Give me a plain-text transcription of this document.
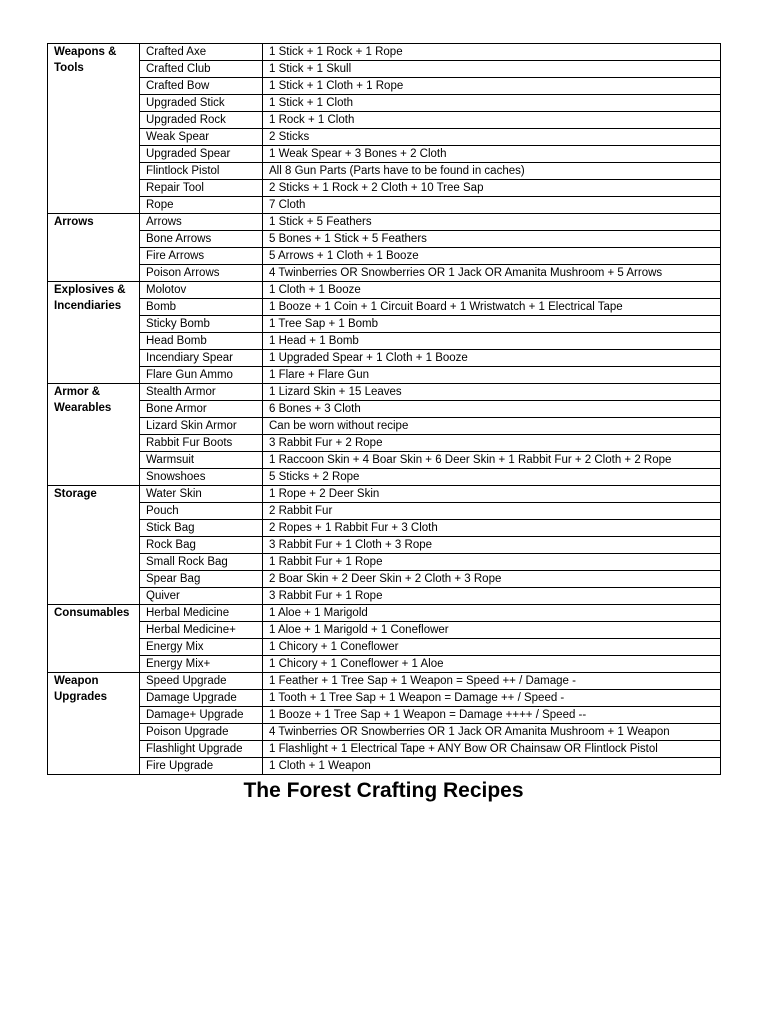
Weapons & Tools	Crafted Axe	1 Stick + 1 Rock + 1 Rope
	Crafted Club	1 Stick + 1 Skull
	Crafted Bow	1 Stick + 1 Cloth + 1 Rope
	Upgraded Stick	1 Stick + 1 Cloth
	Upgraded Rock	1 Rock + 1 Cloth
	Weak Spear	2 Sticks
	Upgraded Spear	1 Weak Spear + 3 Bones + 2 Cloth
	Flintlock Pistol	All 8 Gun Parts (Parts have to be found in caches)
	Repair Tool	2 Sticks + 1 Rock + 2 Cloth + 10 Tree Sap
	Rope	7 Cloth
Arrows	Arrows	1 Stick + 5 Feathers
	Bone Arrows	5 Bones + 1 Stick + 5 Feathers
	Fire Arrows	5 Arrows + 1 Cloth + 1 Booze
	Poison Arrows	4 Twinberries OR Snowberries OR 1 Jack OR Amanita Mushroom + 5 Arrows
Explosives & Incendiaries	Molotov	1 Cloth + 1 Booze
	Bomb	1 Booze + 1 Coin + 1 Circuit Board + 1 Wristwatch + 1 Electrical Tape
	Sticky Bomb	1 Tree Sap + 1 Bomb
	Head Bomb	1 Head + 1 Bomb
	Incendiary Spear	1 Upgraded Spear + 1 Cloth + 1 Booze
	Flare Gun Ammo	1 Flare + Flare Gun
Armor & Wearables	Stealth Armor	1 Lizard Skin + 15 Leaves
	Bone Armor	6 Bones + 3 Cloth
	Lizard Skin Armor	Can be worn without recipe
	Rabbit Fur Boots	3 Rabbit Fur + 2 Rope
	Warmsuit	1 Raccoon Skin + 4 Boar Skin + 6 Deer Skin + 1 Rabbit Fur + 2 Cloth + 2 Rope
	Snowshoes	5 Sticks + 2 Rope
Storage	Water Skin	1 Rope + 2 Deer Skin
	Pouch	2 Rabbit Fur
	Stick Bag	2 Ropes + 1 Rabbit Fur + 3 Cloth
	Rock Bag	3 Rabbit Fur + 1 Cloth + 3 Rope
	Small Rock Bag	1 Rabbit Fur + 1 Rope
	Spear Bag	2 Boar Skin + 2 Deer Skin + 2 Cloth + 3 Rope
	Quiver	3 Rabbit Fur + 1 Rope
Consumables	Herbal Medicine	1 Aloe + 1 Marigold
	Herbal Medicine+	1 Aloe + 1 Marigold + 1 Coneflower
	Energy Mix	1 Chicory + 1 Coneflower
	Energy Mix+	1 Chicory + 1 Coneflower + 1 Aloe
Weapon Upgrades	Speed Upgrade	1 Feather + 1 Tree Sap + 1 Weapon = Speed ++ / Damage -
	Damage Upgrade	1 Tooth + 1 Tree Sap + 1 Weapon = Damage ++ / Speed -
	Damage+ Upgrade	1 Booze + 1 Tree Sap + 1 Weapon = Damage ++++ / Speed --
	Poison Upgrade	4 Twinberries OR Snowberries OR 1 Jack OR Amanita Mushroom + 1 Weapon
	Flashlight Upgrade	1 Flashlight + 1 Electrical Tape + ANY Bow OR Chainsaw OR Flintlock Pistol
	Fire Upgrade	1 Cloth + 1 Weapon
The Forest Crafting Recipes
